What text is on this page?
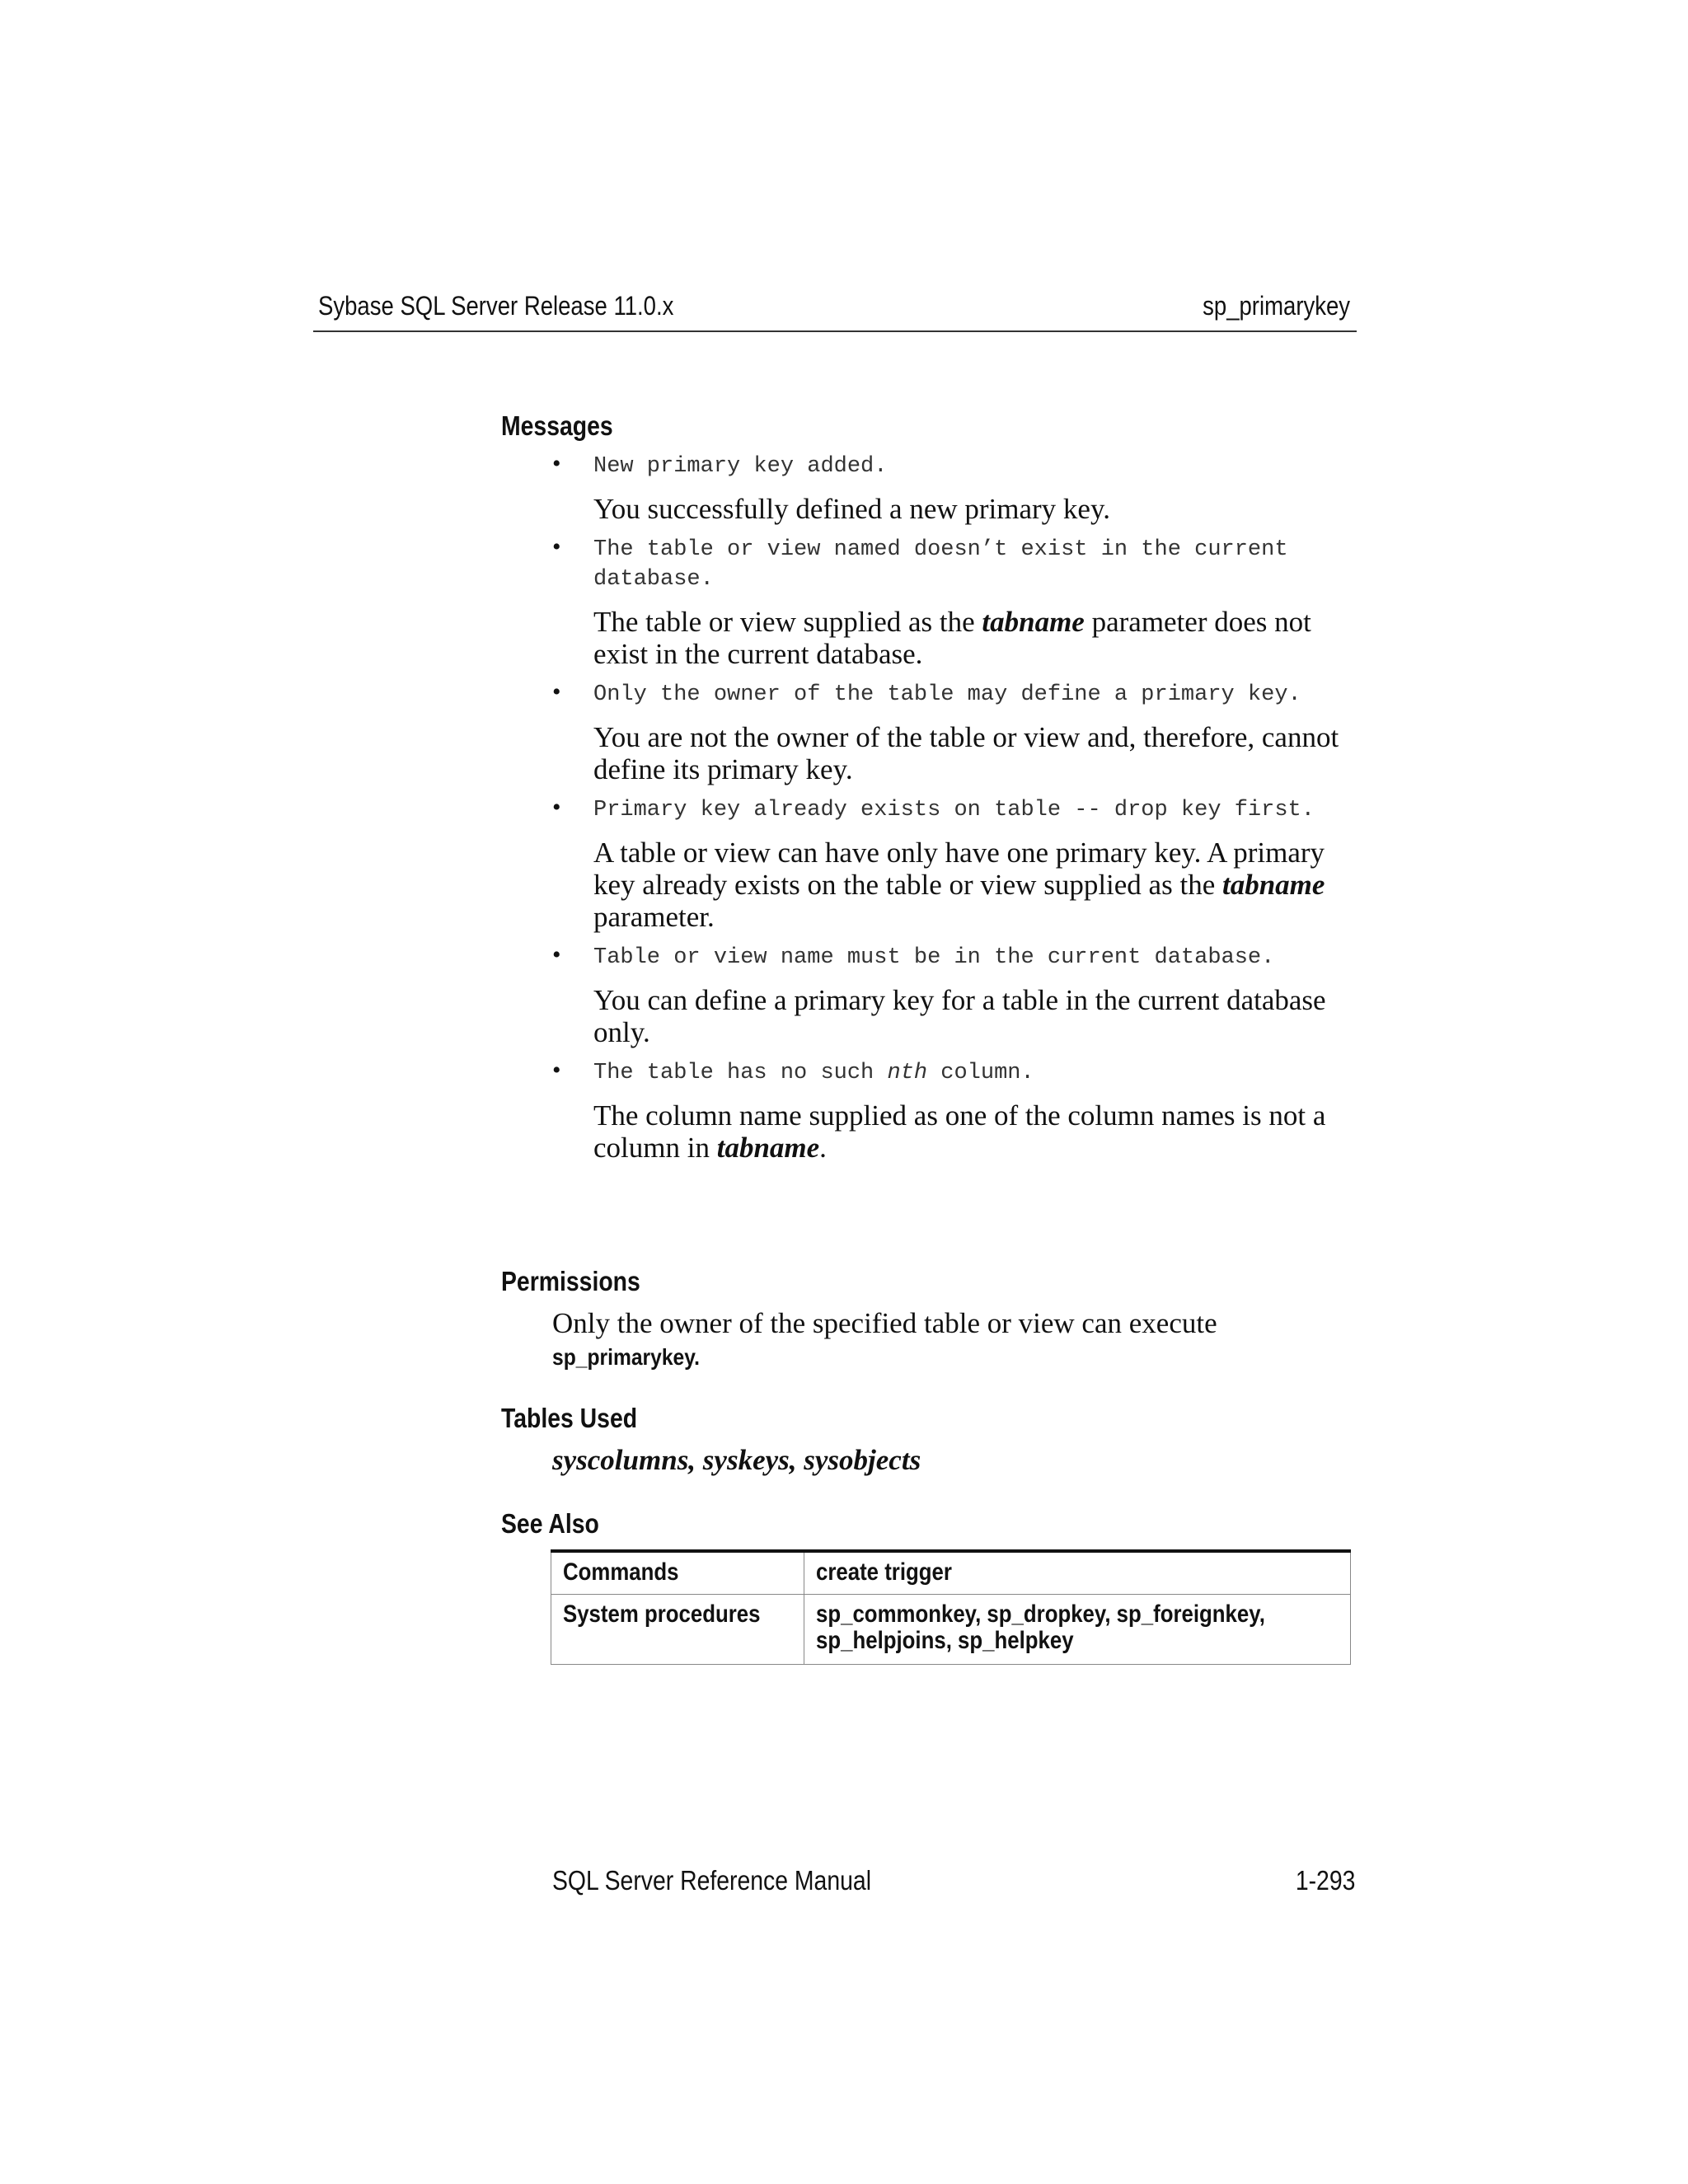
Sybase SQL Server Release 11.0.x	sp_primarykey
Messages
• New primary key added.
You successfully defined a new primary key.
• The table or view named doesn’t exist in the current database.
The table or view supplied as the tabname parameter does not exist in the current database.
• Only the owner of the table may define a primary key.
You are not the owner of the table or view and, therefore, cannot define its primary key.
• Primary key already exists on table -- drop key first.
A table or view can have only have one primary key. A primary key already exists on the table or view supplied as the tabname parameter.
• Table or view name must be in the current database.
You can define a primary key for a table in the current database only.
• The table has no such nth column.
The column name supplied as one of the column names is not a column in tabname.
Permissions
Only the owner of the specified table or view can execute
sp_primarykey.
Tables Used
syscolumns, syskeys, sysobjects
See Also
Commands	create trigger
System procedures	sp_commonkey, sp_dropkey, sp_foreignkey,
sp_helpjoins, sp_helpkey
SQL Server Reference Manual	1-293
